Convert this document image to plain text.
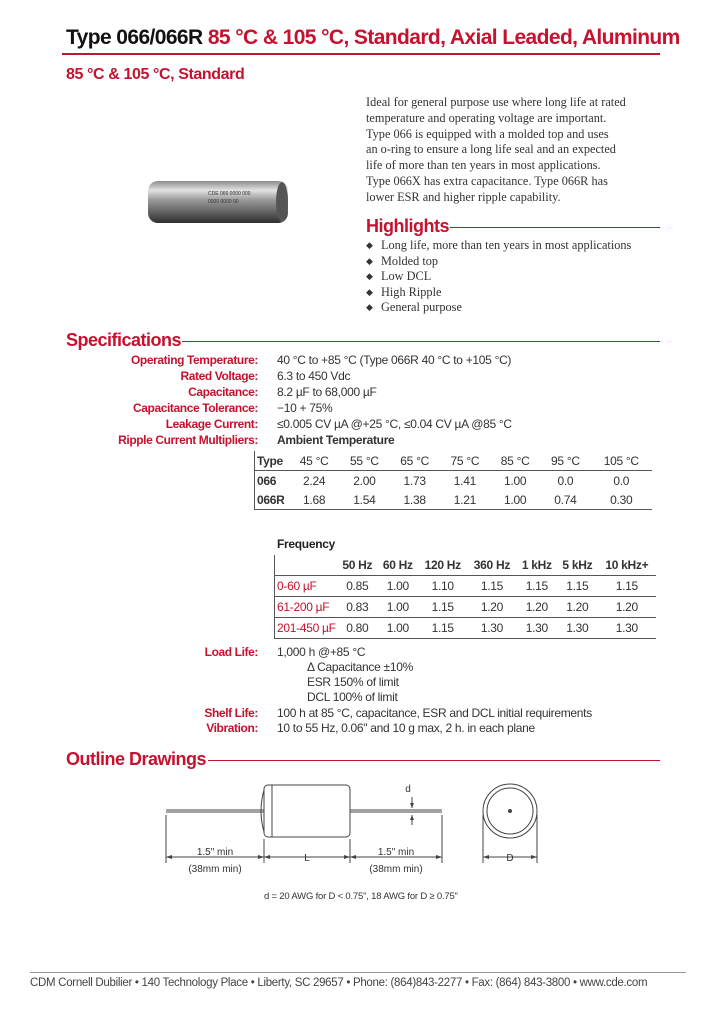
Type 066/066R 85 °C & 105 °C, Standard, Axial Leaded, Aluminum
85 °C & 105 °C, Standard
CDE 066 0000 000
0000 0000 00
Ideal for general purpose use where long life at rated
temperature and operating voltage are important.
Type 066 is equipped with a molded top and uses
an o-ring to ensure a long life seal and an expected
life of more than ten years in most applications.
Type 066X has extra capacitance. Type 066R has
lower ESR and higher ripple capability.
Highlights
◆ Long life, more than ten years in most applications
◆ Molded top
◆ Low DCL
◆ High Ripple
◆ General purpose
Specifications
Operating Temperature: 40 °C to +85 °C (Type 066R 40 °C to +105 °C)
Rated Voltage: 6.3 to 450 Vdc
Capacitance: 8.2 µF to 68,000 µF
Capacitance Tolerance: −10 + 75%
Leakage Current: ≤0.005 CV µA @+25 °C, ≤0.04 CV µA @85 °C
Ripple Current Multipliers: Ambient Temperature
Type	45 °C	55 °C	65 °C	75 °C	85 °C	95 °C	105 °C
066	2.24	2.00	1.73	1.41	1.00	0.0	0.0
066R	1.68	1.54	1.38	1.21	1.00	0.74	0.30
Frequency
	50 Hz	60 Hz	120 Hz	360 Hz	1 kHz	5 kHz	10 kHz+
0-60 µF	0.85	1.00	1.10	1.15	1.15	1.15	1.15
61-200 µF	0.83	1.00	1.15	1.20	1.20	1.20	1.20
201-450 µF	0.80	1.00	1.15	1.30	1.30	1.30	1.30
Load Life: 1,000 h @+85 °C
Δ Capacitance ±10%
ESR 150% of limit
DCL 100% of limit
Shelf Life: 100 h at 85 °C, capacitance, ESR and DCL initial requirements
Vibration: 10 to 55 Hz, 0.06" and 10 g max, 2 h. in each plane
Outline Drawings
1.5" min
(38mm min)
L
1.5" min
(38mm min)
d
D
d = 20 AWG for D < 0.75", 18 AWG for D ≥ 0.75"
CDM Cornell Dubilier • 140 Technology Place • Liberty, SC 29657 • Phone: (864)843-2277 • Fax: (864) 843-3800 • www.cde.com
